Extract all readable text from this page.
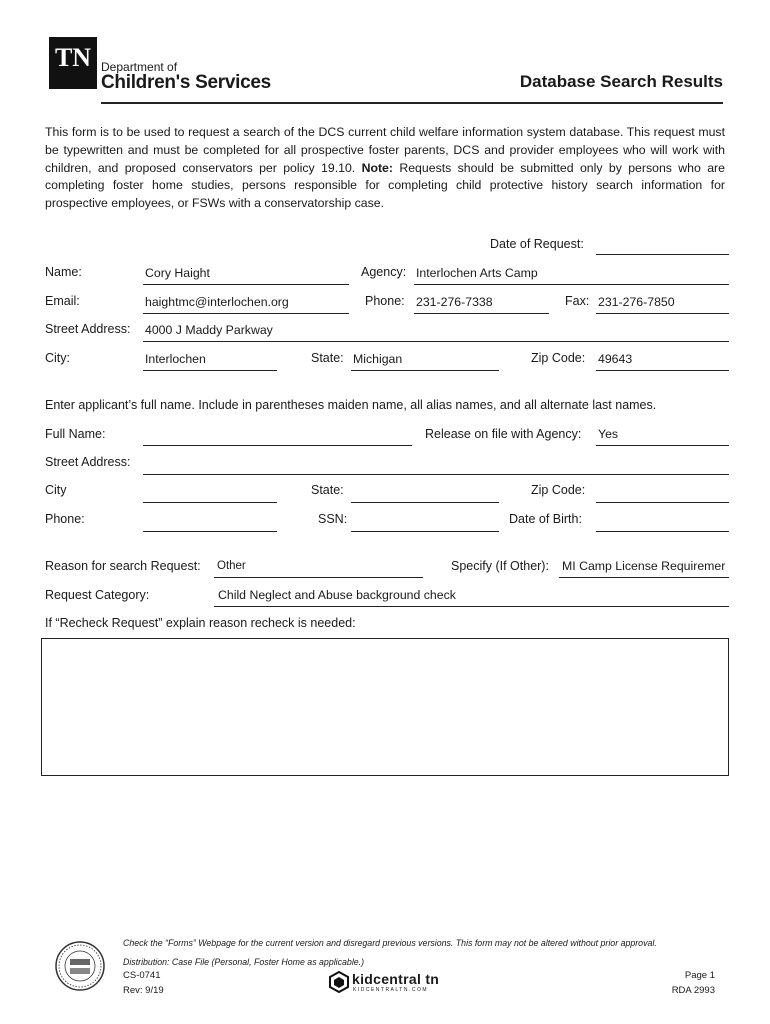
TN Department of
Children's Services	Database Search Results
This form is to be used to request a search of the DCS current child welfare information system database. This request must be typewritten and must be completed for all prospective foster parents, DCS and provider employees who will work with children, and proposed conservators per policy 19.10. Note: Requests should be submitted only by persons who are completing foster home studies, persons responsible for completing child protective history search information for prospective employees, or FSWs with a conservatorship case.
Date of Request:
Name:	Cory Haight	Agency: Interlochen Arts Camp
Email:	haightmc@interlochen.org	Phone: 231-276-7338	Fax: 231-276-7850
Street Address: 4000 J Maddy Parkway
City:	Interlochen	State: Michigan	Zip Code: 49643
Enter applicant’s full name. Include in parentheses maiden name, all alias names, and all alternate last names.
Full Name:	Release on file with Agency: Yes
Street Address:
City	State:	Zip Code:
Phone:	SSN:	Date of Birth:
Reason for search Request: Other	Specify (If Other): MI Camp License Requiremer
Request Category:	Child Neglect and Abuse background check
If “Recheck Request” explain reason recheck is needed:
Check the “Forms” Webpage for the current version and disregard previous versions. This form may not be altered without prior approval.
Distribution: Case File (Personal, Foster Home as applicable.)
CS-0741
Rev: 9/19
kidcentral tn
KIDCENTRALTN.COM
Page 1
RDA 2993
